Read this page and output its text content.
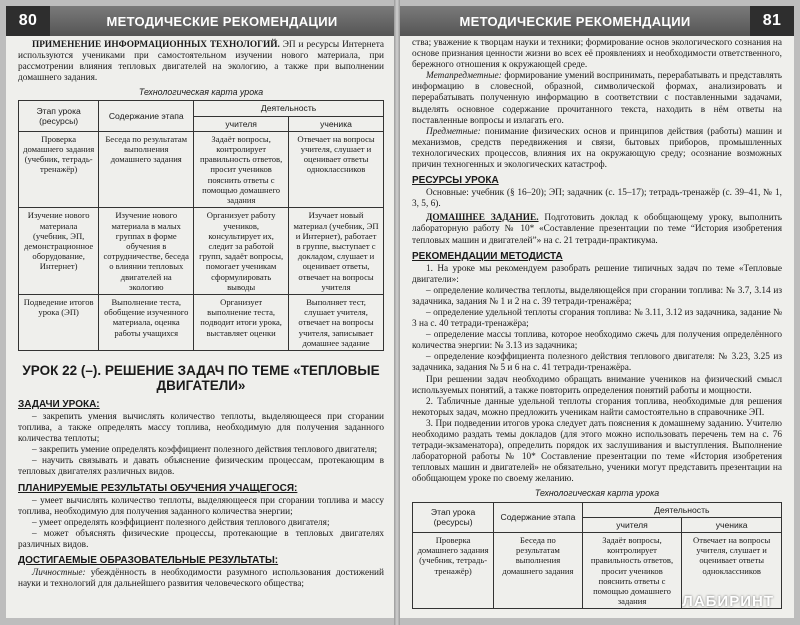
80	МЕТОДИЧЕСКИЕ РЕКОМЕНДАЦИИ

ПРИМЕНЕНИЕ ИНФОРМАЦИОННЫХ ТЕХНОЛОГИЙ. ЭП и ресурсы Интернета используются учениками при самостоятельном изучении нового материала, при рассмотрении влияния тепловых двигателей на экологию, а также при выполнении домашнего задания.

Технологическая карта урока
Этап урока (ресурсы)	Содержание этапа	Деятельность	
		учителя	ученика
Проверка домашнего задания (учебник, тетрадь-тренажёр)	Беседа по результатам выполнения домашнего задания	Задаёт вопросы, контролирует правильность ответов, просит учеников пояснить ответы с помощью домашнего задания	Отвечает на вопросы учителя, слушает и оценивает ответы одноклассников
Изучение нового материала (учебник, ЭП, демонстрационное оборудование, Интернет)	Изучение нового материала в малых группах в форме обучения в сотрудничестве, беседа о влиянии тепловых двигателей на экологию	Организует работу учеников, консультирует их, следит за работой групп, задаёт вопросы, помогает ученикам сформулировать выводы	Изучает новый материал (учебник, ЭП и Интернет), работает в группе, выступает с докладом, слушает и оценивает ответы, отвечает на вопросы учителя
Подведение итогов урока (ЭП)	Выполнение теста, обобщение изученного материала, оценка работы учащихся	Организует выполнение теста, подводит итоги урока, выставляет оценки	Выполняет тест, слушает учителя, отвечает на вопросы учителя, записывает домашнее задание
УРОК 22 (–). РЕШЕНИЕ ЗАДАЧ ПО ТЕМЕ «ТЕПЛОВЫЕ ДВИГАТЕЛИ»
ЗАДАЧИ УРОКА:

– закрепить умения вычислять количество теплоты, выделяющееся при сгорании топлива, а также определять массу топлива, необходимую для получения заданного количества теплоты;

– закрепить умение определять коэффициент полезного действия теплового двигателя;

– научить связывать и давать объяснение физическим процессам, протекающим в тепловых двигателях различных видов.

ПЛАНИРУЕМЫЕ РЕЗУЛЬТАТЫ ОБУЧЕНИЯ УЧАЩЕГОСЯ:

– умеет вычислять количество теплоты, выделяющееся при сгорании топлива и массу топлива, необходимую для получения заданного количества энергии;

– умеет определять коэффициент полезного действия теплового двигателя;

– может объяснять физические процессы, протекающие в тепловых двигателях различных видов.

ДОСТИГАЕМЫЕ ОБРАЗОВАТЕЛЬНЫЕ РЕЗУЛЬТАТЫ:

Личностные: убеждённость в необходимости разумного использования достижений науки и технологий для дальнейшего развития человеческого общества;

МЕТОДИЧЕСКИЕ РЕКОМЕНДАЦИИ	81

ства; уважение к творцам науки и техники; формирование основ экологического сознания на основе признания ценности жизни во всех её проявлениях и необходимости ответственного, бережного отношения к окружающей среде.

Метапредметные: формирование умений воспринимать, перерабатывать и представлять информацию в словесной, образной, символической формах, анализировать и перерабатывать полученную информацию в соответствии с поставленными задачами, выделять основное содержание прочитанного текста, находить в нём ответы на поставленные вопросы и излагать его.

Предметные: понимание физических основ и принципов действия (работы) машин и механизмов, средств передвижения и связи, бытовых приборов, промышленных технологических процессов, влияния их на окружающую среду; осознание возможных причин техногенных и экологических катастроф.

РЕСУРСЫ УРОКА

Основные: учебник (§ 16–20); ЭП; задачник (с. 15–17); тетрадь-тренажёр (с. 39–41, № 1, 3, 5, 6).

ДОМАШНЕЕ ЗАДАНИЕ. Подготовить доклад к обобщающему уроку, выполнить лабораторную работу № 10* «Составление презентации по теме “История изобретения тепловых машин и двигателей”» на с. 21 тетради-практикума.

РЕКОМЕНДАЦИИ МЕТОДИСТА

1. На уроке мы рекомендуем разобрать решение типичных задач по теме «Тепловые двигатели»:

– определение количества теплоты, выделяющейся при сгорании топлива: № 3.7, 3.14 из задачника, задания № 1 и 2 на с. 39 тетради-тренажёра;

– определение удельной теплоты сгорания топлива: № 3.11, 3.12 из задачника, задание № 3 на с. 40 тетради-тренажёра;

– определение массы топлива, которое необходимо сжечь для получения определённого количества энергии: № 3.13 из задачника;

– определение коэффициента полезного действия теплового двигателя: № 3.23, 3.25 из задачника, задания № 5 и 6 на с. 41 тетради-тренажёра.

При решении задач необходимо обращать внимание учеников на физический смысл используемых понятий, а также повторить определения понятий работы и мощности.

2. Табличные данные удельной теплоты сгорания топлива, необходимые для решения некоторых задач, можно предложить ученикам найти самостоятельно в справочнике ЭП.

3. При подведении итогов урока следует дать пояснения к домашнему заданию. Учителю необходимо раздать темы докладов (для этого можно использовать перечень тем на с. 76 тетради-экзаменатора), определить порядок их заслушивания и выступления. Выполнение лабораторной работы № 10* Составление презентации по теме «История изобретения тепловых машин и двигателей» не обязательно, ученики могут представить презентации на обобщающем уроке по своему желанию.

Технологическая карта урока
Этап урока (ресурсы)	Содержание этапа	Деятельность	
		учителя	ученика
Проверка домашнего задания (учебник, тетрадь-тренажёр)	Беседа по результатам выполнения домашнего задания	Задаёт вопросы, контролирует правильность ответов, просит учеников пояснить ответы с помощью домашнего задания	Отвечает на вопросы учителя, слушает и оценивает ответы одноклассников
ЛАБИРИНТ
